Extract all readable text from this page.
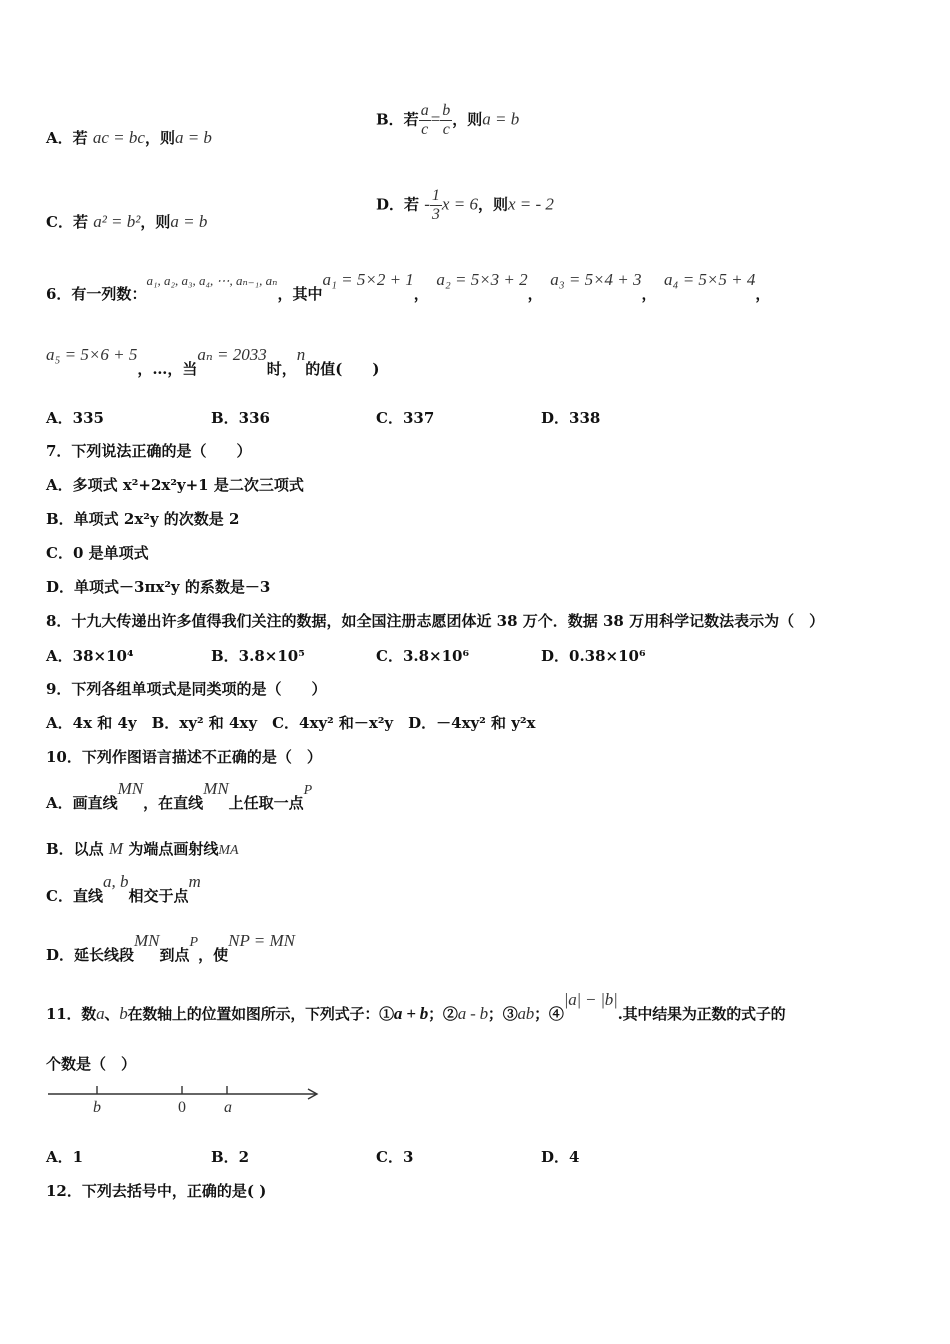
A．若 ac = bc，则a = b
B．若 $\frac{a}{c} = \frac{b}{c}$ ，则a = b
C．若 a² = b²，则a = b
D．若 - $\frac{1}{3}$ x = 6，则x = - 2
6．有一列数：a₁, a₂, a₃, a₄, ⋯, aₙ₋₁, aₙ，其中a₁ = 5×2 + 1，　a₂ = 5×3 + 2，　a₃ = 5×4 + 3，　a₄ = 5×5 + 4，
a₅ = 5×6 + 5，…，当aₙ = 2033时，n的值(　　)
A．335	B．336	C．337	D．338
7．下列说法正确的是（　　）
A．多项式 x²+2x²y+1 是二次三项式
B．单项式 2x²y 的次数是 2
C．0 是单项式
D．单项式－3πx²y 的系数是－3
8．十九大传递出许多值得我们关注的数据，如全国注册志愿团体近 38 万个．数据 38 万用科学记数法表示为（　）
A．38×10⁴	B．3.8×10⁵	C．3.8×10⁶	D．0.38×10⁶
9．下列各组单项式是同类项的是（　　）
A．4x 和 4y　B．xy² 和 4xy　C．4xy² 和－x²y　D．－4xy² 和 y²x
10．下列作图语言描述不正确的是（　）
A．画直线MN，在直线MN上任取一点P
B．以点 M 为端点画射线MA
C．直线a, b相交于点m
D．延长线段MN到点P，使NP = MN
11．数a、b在数轴上的位置如图所示，下列式子：①a + b；②a - b；③ab；④|a| − |b|.其中结果为正数的式子的
个数是（　）
b	0 a
A．1	B．2	C．3	D．4
12．下列去括号中，正确的是( )
